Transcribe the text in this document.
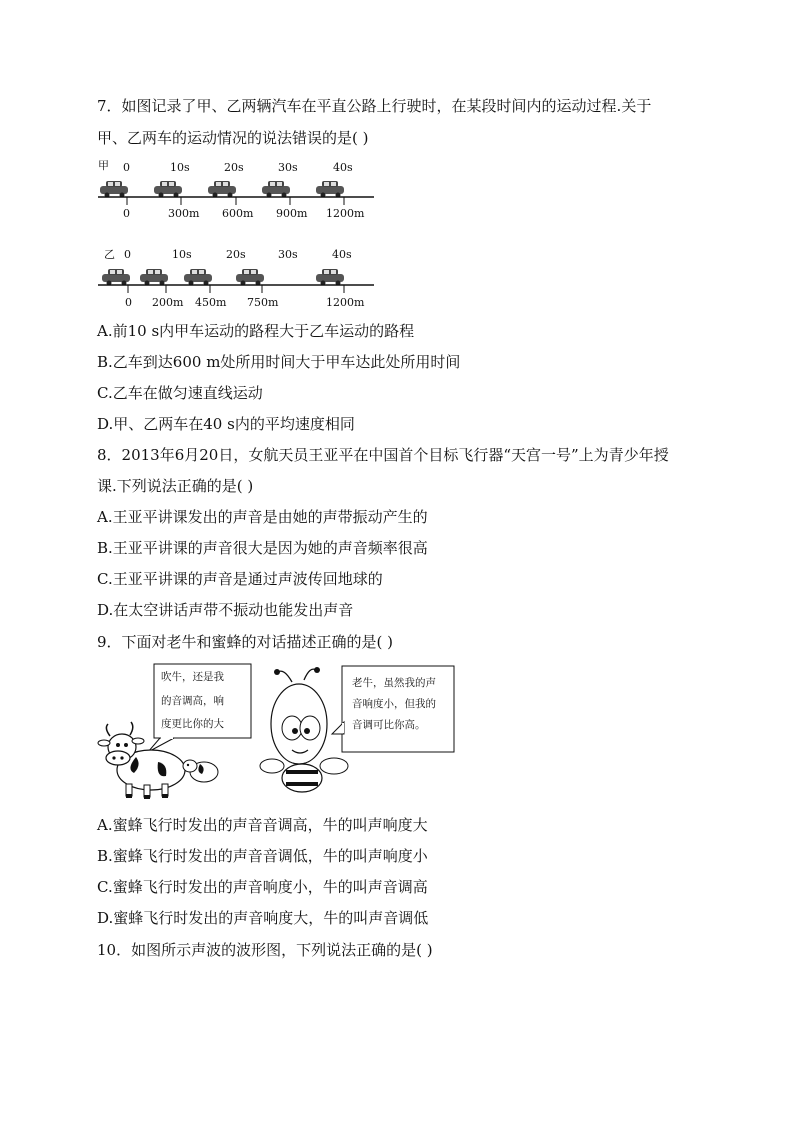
7．如图记录了甲、乙两辆汽车在平直公路上行驶时，在某段时间内的运动过程.关于
甲、乙两车的运动情况的说法错误的是( )
甲 0	10s	20s	30s	40s
0	300m 600m 900m 1200m
乙 0	10s	20s	30s	40s
0 200m 450m 750m	1200m
A.前10 s内甲车运动的路程大于乙车运动的路程
B.乙车到达600 m处所用时间大于甲车达此处所用时间
C.乙车在做匀速直线运动
D.甲、乙两车在40 s内的平均速度相同
8．2013年6月20日，女航天员王亚平在中国首个目标飞行器“天宫一号”上为青少年授
课.下列说法正确的是( )
A.王亚平讲课发出的声音是由她的声带振动产生的
B.王亚平讲课的声音很大是因为她的声音频率很高
C.王亚平讲课的声音是通过声波传回地球的
D.在太空讲话声带不振动也能发出声音
9．下面对老牛和蜜蜂的对话描述正确的是( )
吹牛，还是我
的音调高，响
度更比你的大
老牛，虽然我的声
音响度小，但我的
音调可比你高。
A.蜜蜂飞行时发出的声音音调高，牛的叫声响度大
B.蜜蜂飞行时发出的声音音调低，牛的叫声响度小
C.蜜蜂飞行时发出的声音响度小，牛的叫声音调高
D.蜜蜂飞行时发出的声音响度大，牛的叫声音调低
10．如图所示声波的波形图，下列说法正确的是( )
